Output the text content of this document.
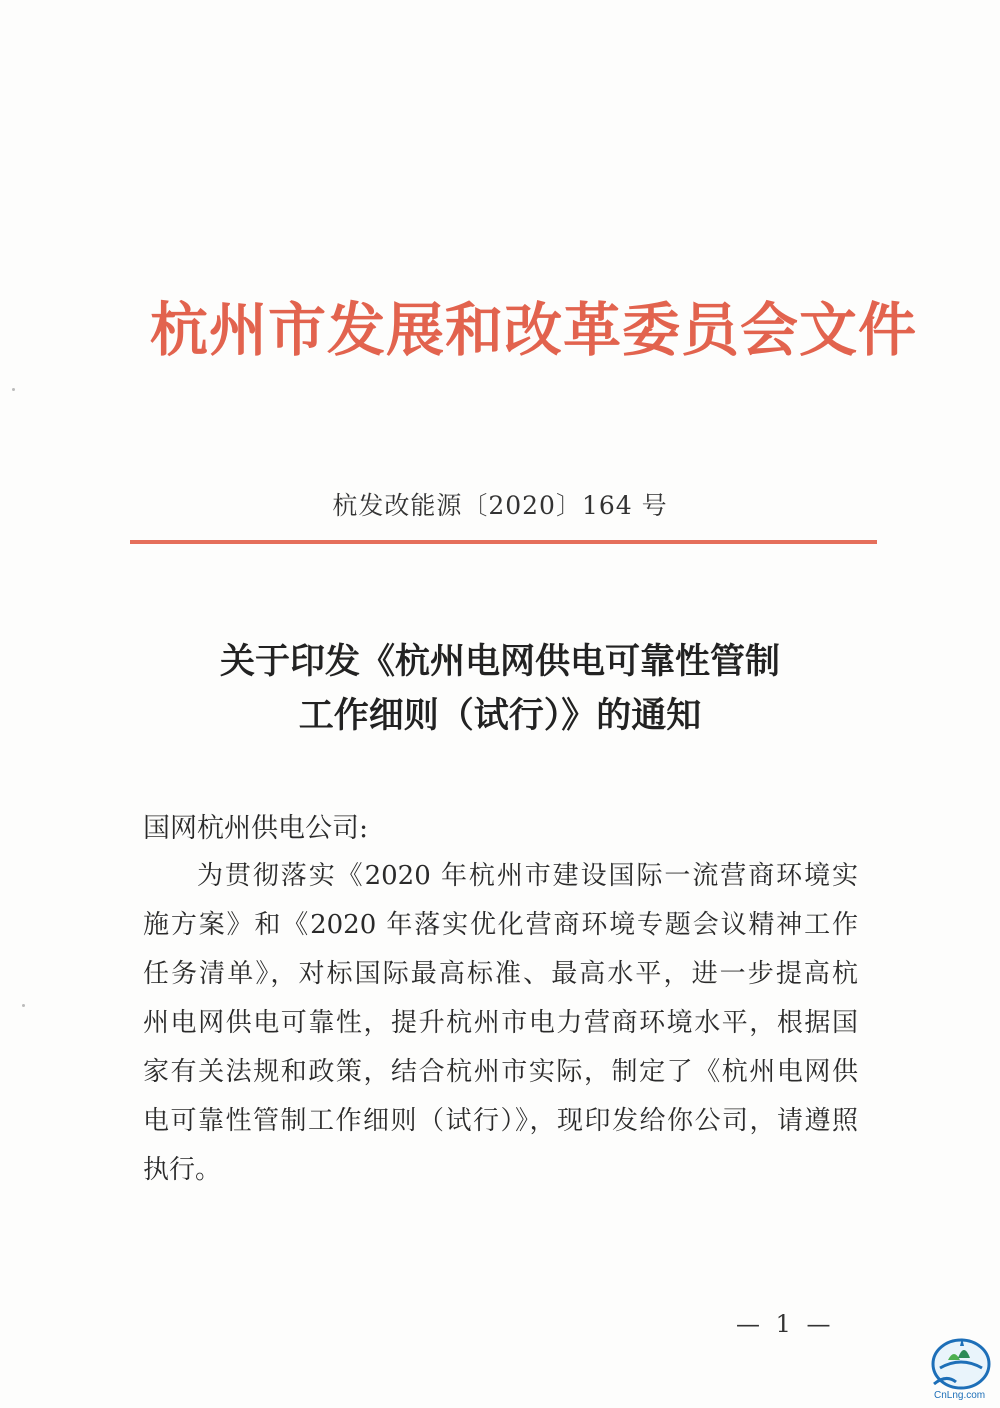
杭州市发展和改革委员会文件
杭发改能源〔2020〕164 号
关于印发《杭州电网供电可靠性管制
工作细则（试行）》的通知
国网杭州供电公司:
为贯彻落实《2020 年杭州市建设国际一流营商环境实
施方案》和《2020 年落实优化营商环境专题会议精神工作
任务清单》，对标国际最高标准、最高水平，进一步提高杭
州电网供电可靠性，提升杭州市电力营商环境水平，根据国
家有关法规和政策，结合杭州市实际，制定了《杭州电网供
电可靠性管制工作细则（试行）》，现印发给你公司，请遵照
执行。
— 1 —
CnLng.com
